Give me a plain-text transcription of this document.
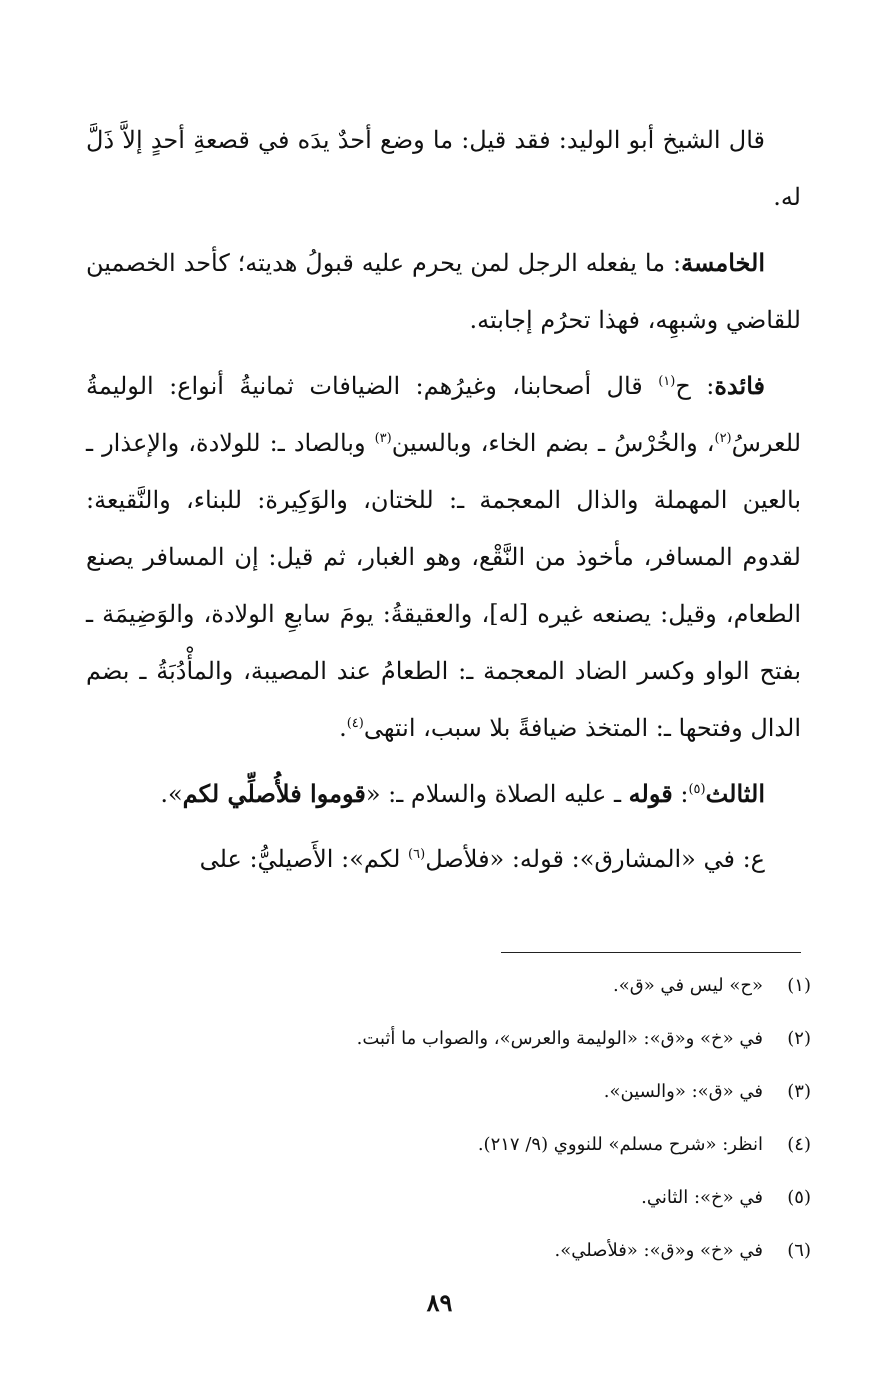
قال الشيخ أبو الوليد: فقد قيل: ما وضع أحدٌ يدَه في قصعةِ أحدٍ إلاَّ ذَلَّ له.

الخامسة: ما يفعله الرجل لمن يحرم عليه قبولُ هديته؛ كأحد الخصمين للقاضي وشبهِه، فهذا تحرُم إجابته.

فائدة: ح$^{(١)}$ قال أصحابنا، وغيرُهم: الضيافات ثمانيةُ أنواع: الوليمةُ للعرسُ$^{(٢)}$، والخُرْسُ ـ بضم الخاء، وبالسين$^{(٣)}$ وبالصاد ـ: للولادة، والإعذار ـ بالعين المهملة والذال المعجمة ـ: للختان، والوَكِيرة: للبناء، والنَّقيعة: لقدوم المسافر، مأخوذ من النَّقْع، وهو الغبار، ثم قيل: إن المسافر يصنع الطعام، وقيل: يصنعه غيره [له]، والعقيقةُ: يومَ سابعِ الولادة، والوَضِيمَة ـ بفتح الواو وكسر الضاد المعجمة ـ: الطعامُ عند المصيبة، والمأْدُبَةُ ـ بضم الدال وفتحها ـ: المتخذ ضيافةً بلا سبب، انتهى$^{(٤)}$.

الثالث$^{(٥)}$: قوله ـ عليه الصلاة والسلام ـ: «قوموا فلأُصلِّي لكم».

ع: في «المشارق»: قوله: «فلأصل$^{(٦)}$ لكم»: الأَصيليُّ: على

(١)
«ح» ليس في «ق».
(٢)
في «خ» و«ق»: «الوليمة والعرس»، والصواب ما أثبت.
(٣)
في «ق»: «والسين».
(٤)
انظر: «شرح مسلم» للنووي (٩/ ٢١٧).
(٥)
في «خ»: الثاني.
(٦)
في «خ» و«ق»: «فلأصلي».
٨٩
